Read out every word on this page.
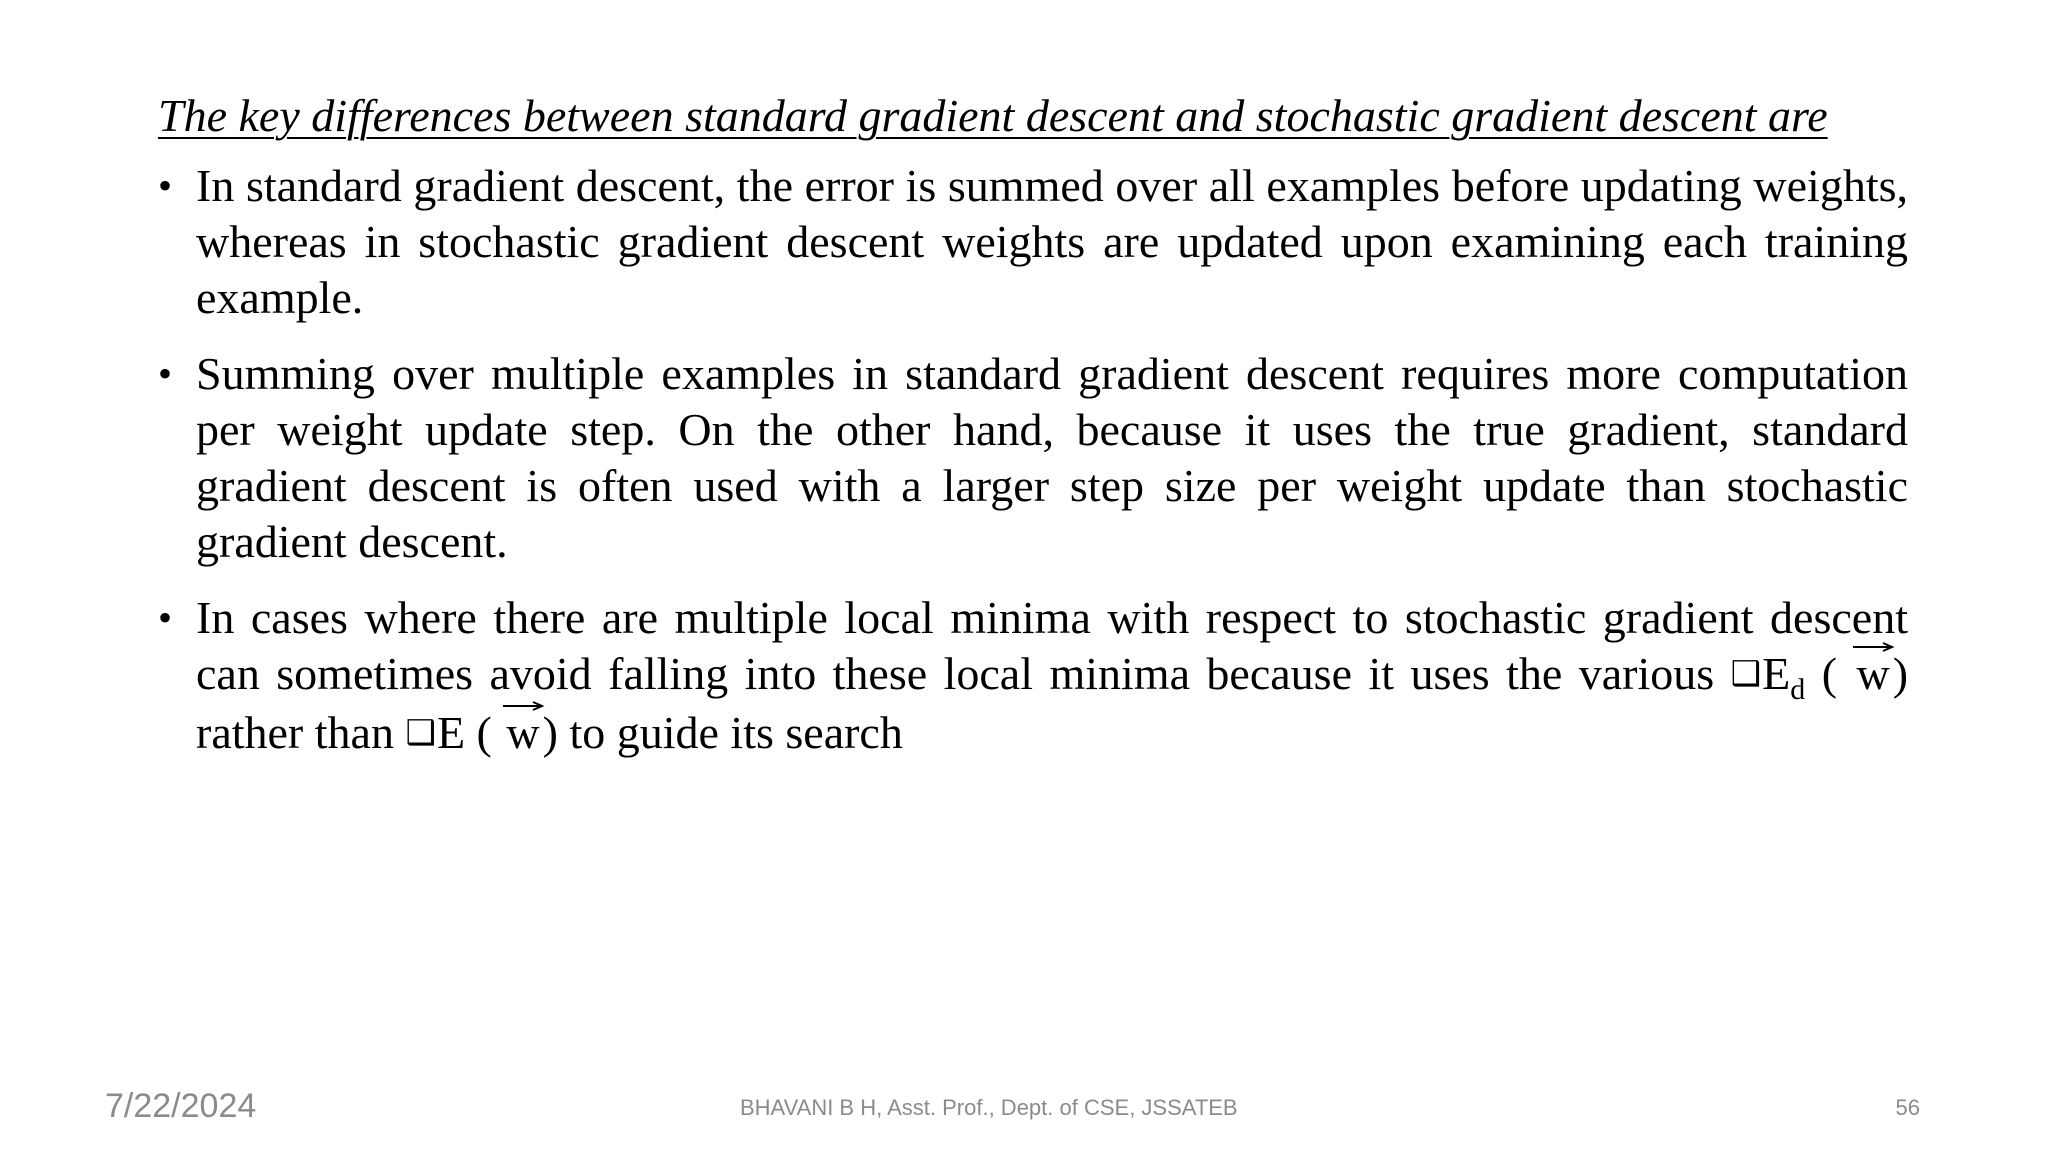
The key differences between standard gradient descent and stochastic gradient descent are

• In standard gradient descent, the error is summed over all examples before updating weights, whereas in stochastic gradient descent weights are updated upon examining each training example.
• Summing over multiple examples in standard gradient descent requires more computation per weight update step. On the other hand, because it uses the true gradient, standard gradient descent is often used with a larger step size per weight update than stochastic gradient descent.
• In cases where there are multiple local minima with respect to stochastic gradient descent can sometimes avoid falling into these local minima because it uses the various $❑E_d$ ( w) rather than ❑E ( w) to guide its search
7/22/2024	BHAVANI B H, Asst. Prof., Dept. of CSE, JSSATEB	56
